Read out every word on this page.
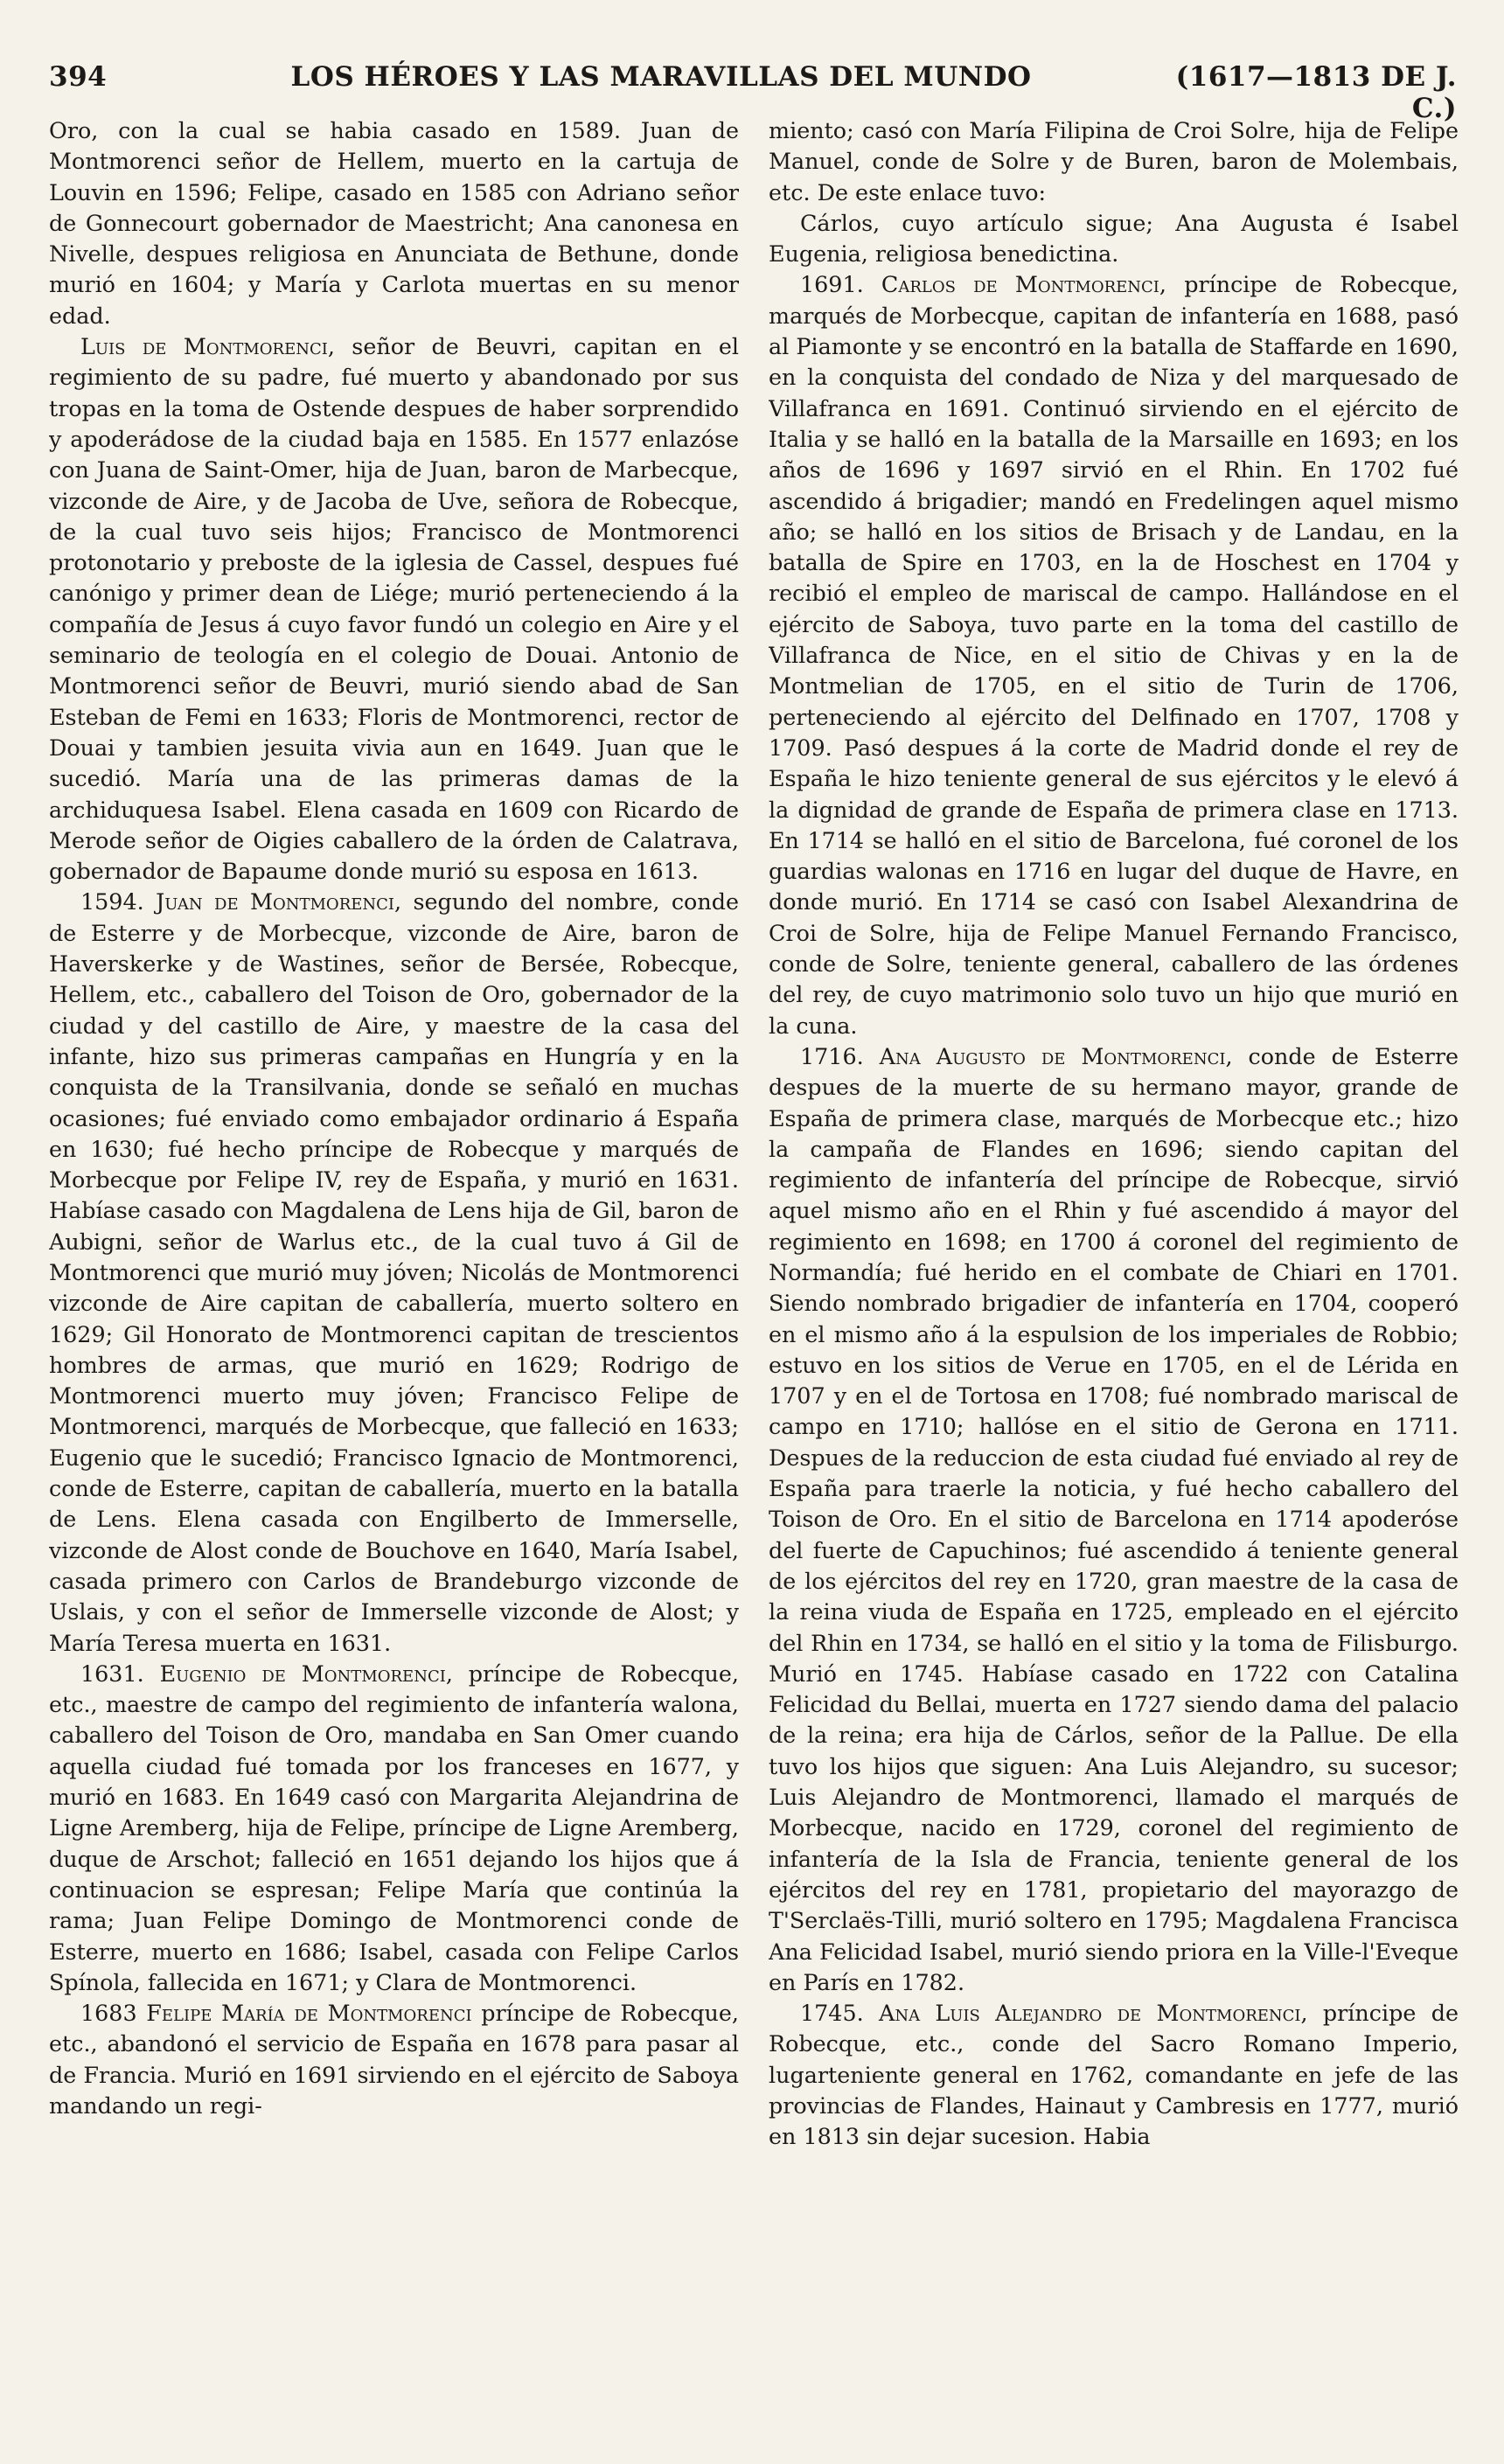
394	LOS HÉROES Y LAS MARAVILLAS DEL MUNDO	(1617—1813 DE J. C.)

Oro, con la cual se habia casado en 1589. Juan de Montmorenci señor de Hellem, muerto en la cartuja de Louvin en 1596; Felipe, casado en 1585 con Adriano señor de Gonnecourt gobernador de Maestricht; Ana canonesa en Nivelle, despues religiosa en Anunciata de Bethune, donde murió en 1604; y María y Carlota muertas en su menor edad.

Luis de Montmorenci, señor de Beuvri, capitan en el regimiento de su padre, fué muerto y abandonado por sus tropas en la toma de Ostende despues de haber sorprendido y apoderádose de la ciudad baja en 1585. En 1577 enlazóse con Juana de Saint-Omer, hija de Juan, baron de Marbecque, vizconde de Aire, y de Jacoba de Uve, señora de Robecque, de la cual tuvo seis hijos; Francisco de Montmorenci protonotario y preboste de la iglesia de Cassel, despues fué canónigo y primer dean de Liége; murió perteneciendo á la compañía de Jesus á cuyo favor fundó un colegio en Aire y el seminario de teología en el colegio de Douai. Antonio de Montmorenci señor de Beuvri, murió siendo abad de San Esteban de Femi en 1633; Floris de Montmorenci, rector de Douai y tambien jesuita vivia aun en 1649. Juan que le sucedió. María una de las primeras damas de la archiduquesa Isabel. Elena casada en 1609 con Ricardo de Merode señor de Oigies caballero de la órden de Calatrava, gobernador de Bapaume donde murió su esposa en 1613.

1594. Juan de Montmorenci, segundo del nombre, conde de Esterre y de Morbecque, vizconde de Aire, baron de Haverskerke y de Wastines, señor de Bersée, Robecque, Hellem, etc., caballero del Toison de Oro, gobernador de la ciudad y del castillo de Aire, y maestre de la casa del infante, hizo sus primeras campañas en Hungría y en la conquista de la Transilvania, donde se señaló en muchas ocasiones; fué enviado como embajador ordinario á España en 1630; fué hecho príncipe de Robecque y marqués de Morbecque por Felipe IV, rey de España, y murió en 1631. Habíase casado con Magdalena de Lens hija de Gil, baron de Aubigni, señor de Warlus etc., de la cual tuvo á Gil de Montmorenci que murió muy jóven; Nicolás de Montmorenci vizconde de Aire capitan de caballería, muerto soltero en 1629; Gil Honorato de Montmorenci capitan de trescientos hombres de armas, que murió en 1629; Rodrigo de Montmorenci muerto muy jóven; Francisco Felipe de Montmorenci, marqués de Morbecque, que falleció en 1633; Eugenio que le sucedió; Francisco Ignacio de Montmorenci, conde de Esterre, capitan de caballería, muerto en la batalla de Lens. Elena casada con Engilberto de Immerselle, vizconde de Alost conde de Bouchove en 1640, María Isabel, casada primero con Carlos de Brandeburgo vizconde de Uslais, y con el señor de Immerselle vizconde de Alost; y María Teresa muerta en 1631.

1631. Eugenio de Montmorenci, príncipe de Robecque, etc., maestre de campo del regimiento de infantería walona, caballero del Toison de Oro, mandaba en San Omer cuando aquella ciudad fué tomada por los franceses en 1677, y murió en 1683. En 1649 casó con Margarita Alejandrina de Ligne Aremberg, hija de Felipe, príncipe de Ligne Aremberg, duque de Arschot; falleció en 1651 dejando los hijos que á continuacion se espresan; Felipe María que continúa la rama; Juan Felipe Domingo de Montmorenci conde de Esterre, muerto en 1686; Isabel, casada con Felipe Carlos Spínola, fallecida en 1671; y Clara de Montmorenci.

1683 Felipe María de Montmorenci príncipe de Robecque, etc., abandonó el servicio de España en 1678 para pasar al de Francia. Murió en 1691 sirviendo en el ejército de Saboya mandando un regi-

miento; casó con María Filipina de Croi Solre, hija de Felipe Manuel, conde de Solre y de Buren, baron de Molembais, etc. De este enlace tuvo:

Cárlos, cuyo artículo sigue; Ana Augusta é Isabel Eugenia, religiosa benedictina.

1691. Carlos de Montmorenci, príncipe de Robecque, marqués de Morbecque, capitan de infantería en 1688, pasó al Piamonte y se encontró en la batalla de Staffarde en 1690, en la conquista del condado de Niza y del marquesado de Villafranca en 1691. Continuó sirviendo en el ejército de Italia y se halló en la batalla de la Marsaille en 1693; en los años de 1696 y 1697 sirvió en el Rhin. En 1702 fué ascendido á brigadier; mandó en Fredelingen aquel mismo año; se halló en los sitios de Brisach y de Landau, en la batalla de Spire en 1703, en la de Hoschest en 1704 y recibió el empleo de mariscal de campo. Hallándose en el ejército de Saboya, tuvo parte en la toma del castillo de Villafranca de Nice, en el sitio de Chivas y en la de Montmelian de 1705, en el sitio de Turin de 1706, perteneciendo al ejército del Delfinado en 1707, 1708 y 1709. Pasó despues á la corte de Madrid donde el rey de España le hizo teniente general de sus ejércitos y le elevó á la dignidad de grande de España de primera clase en 1713. En 1714 se halló en el sitio de Barcelona, fué coronel de los guardias walonas en 1716 en lugar del duque de Havre, en donde murió. En 1714 se casó con Isabel Alexandrina de Croi de Solre, hija de Felipe Manuel Fernando Francisco, conde de Solre, teniente general, caballero de las órdenes del rey, de cuyo matrimonio solo tuvo un hijo que murió en la cuna.

1716. Ana Augusto de Montmorenci, conde de Esterre despues de la muerte de su hermano mayor, grande de España de primera clase, marqués de Morbecque etc.; hizo la campaña de Flandes en 1696; siendo capitan del regimiento de infantería del príncipe de Robecque, sirvió aquel mismo año en el Rhin y fué ascendido á mayor del regimiento en 1698; en 1700 á coronel del regimiento de Normandía; fué herido en el combate de Chiari en 1701. Siendo nombrado brigadier de infantería en 1704, cooperó en el mismo año á la espulsion de los imperiales de Robbio; estuvo en los sitios de Verue en 1705, en el de Lérida en 1707 y en el de Tortosa en 1708; fué nombrado mariscal de campo en 1710; hallóse en el sitio de Gerona en 1711. Despues de la reduccion de esta ciudad fué enviado al rey de España para traerle la noticia, y fué hecho caballero del Toison de Oro. En el sitio de Barcelona en 1714 apoderóse del fuerte de Capuchinos; fué ascendido á teniente general de los ejércitos del rey en 1720, gran maestre de la casa de la reina viuda de España en 1725, empleado en el ejército del Rhin en 1734, se halló en el sitio y la toma de Filisburgo. Murió en 1745. Habíase casado en 1722 con Catalina Felicidad du Bellai, muerta en 1727 siendo dama del palacio de la reina; era hija de Cárlos, señor de la Pallue. De ella tuvo los hijos que siguen: Ana Luis Alejandro, su sucesor; Luis Alejandro de Montmorenci, llamado el marqués de Morbecque, nacido en 1729, coronel del regimiento de infantería de la Isla de Francia, teniente general de los ejércitos del rey en 1781, propietario del mayorazgo de T'Serclaës-Tilli, murió soltero en 1795; Magdalena Francisca Ana Felicidad Isabel, murió siendo priora en la Ville-l'Eveque en París en 1782.

1745. Ana Luis Alejandro de Montmorenci, príncipe de Robecque, etc., conde del Sacro Romano Imperio, lugarteniente general en 1762, comandante en jefe de las provincias de Flandes, Hainaut y Cambresis en 1777, murió en 1813 sin dejar sucesion. Habia
